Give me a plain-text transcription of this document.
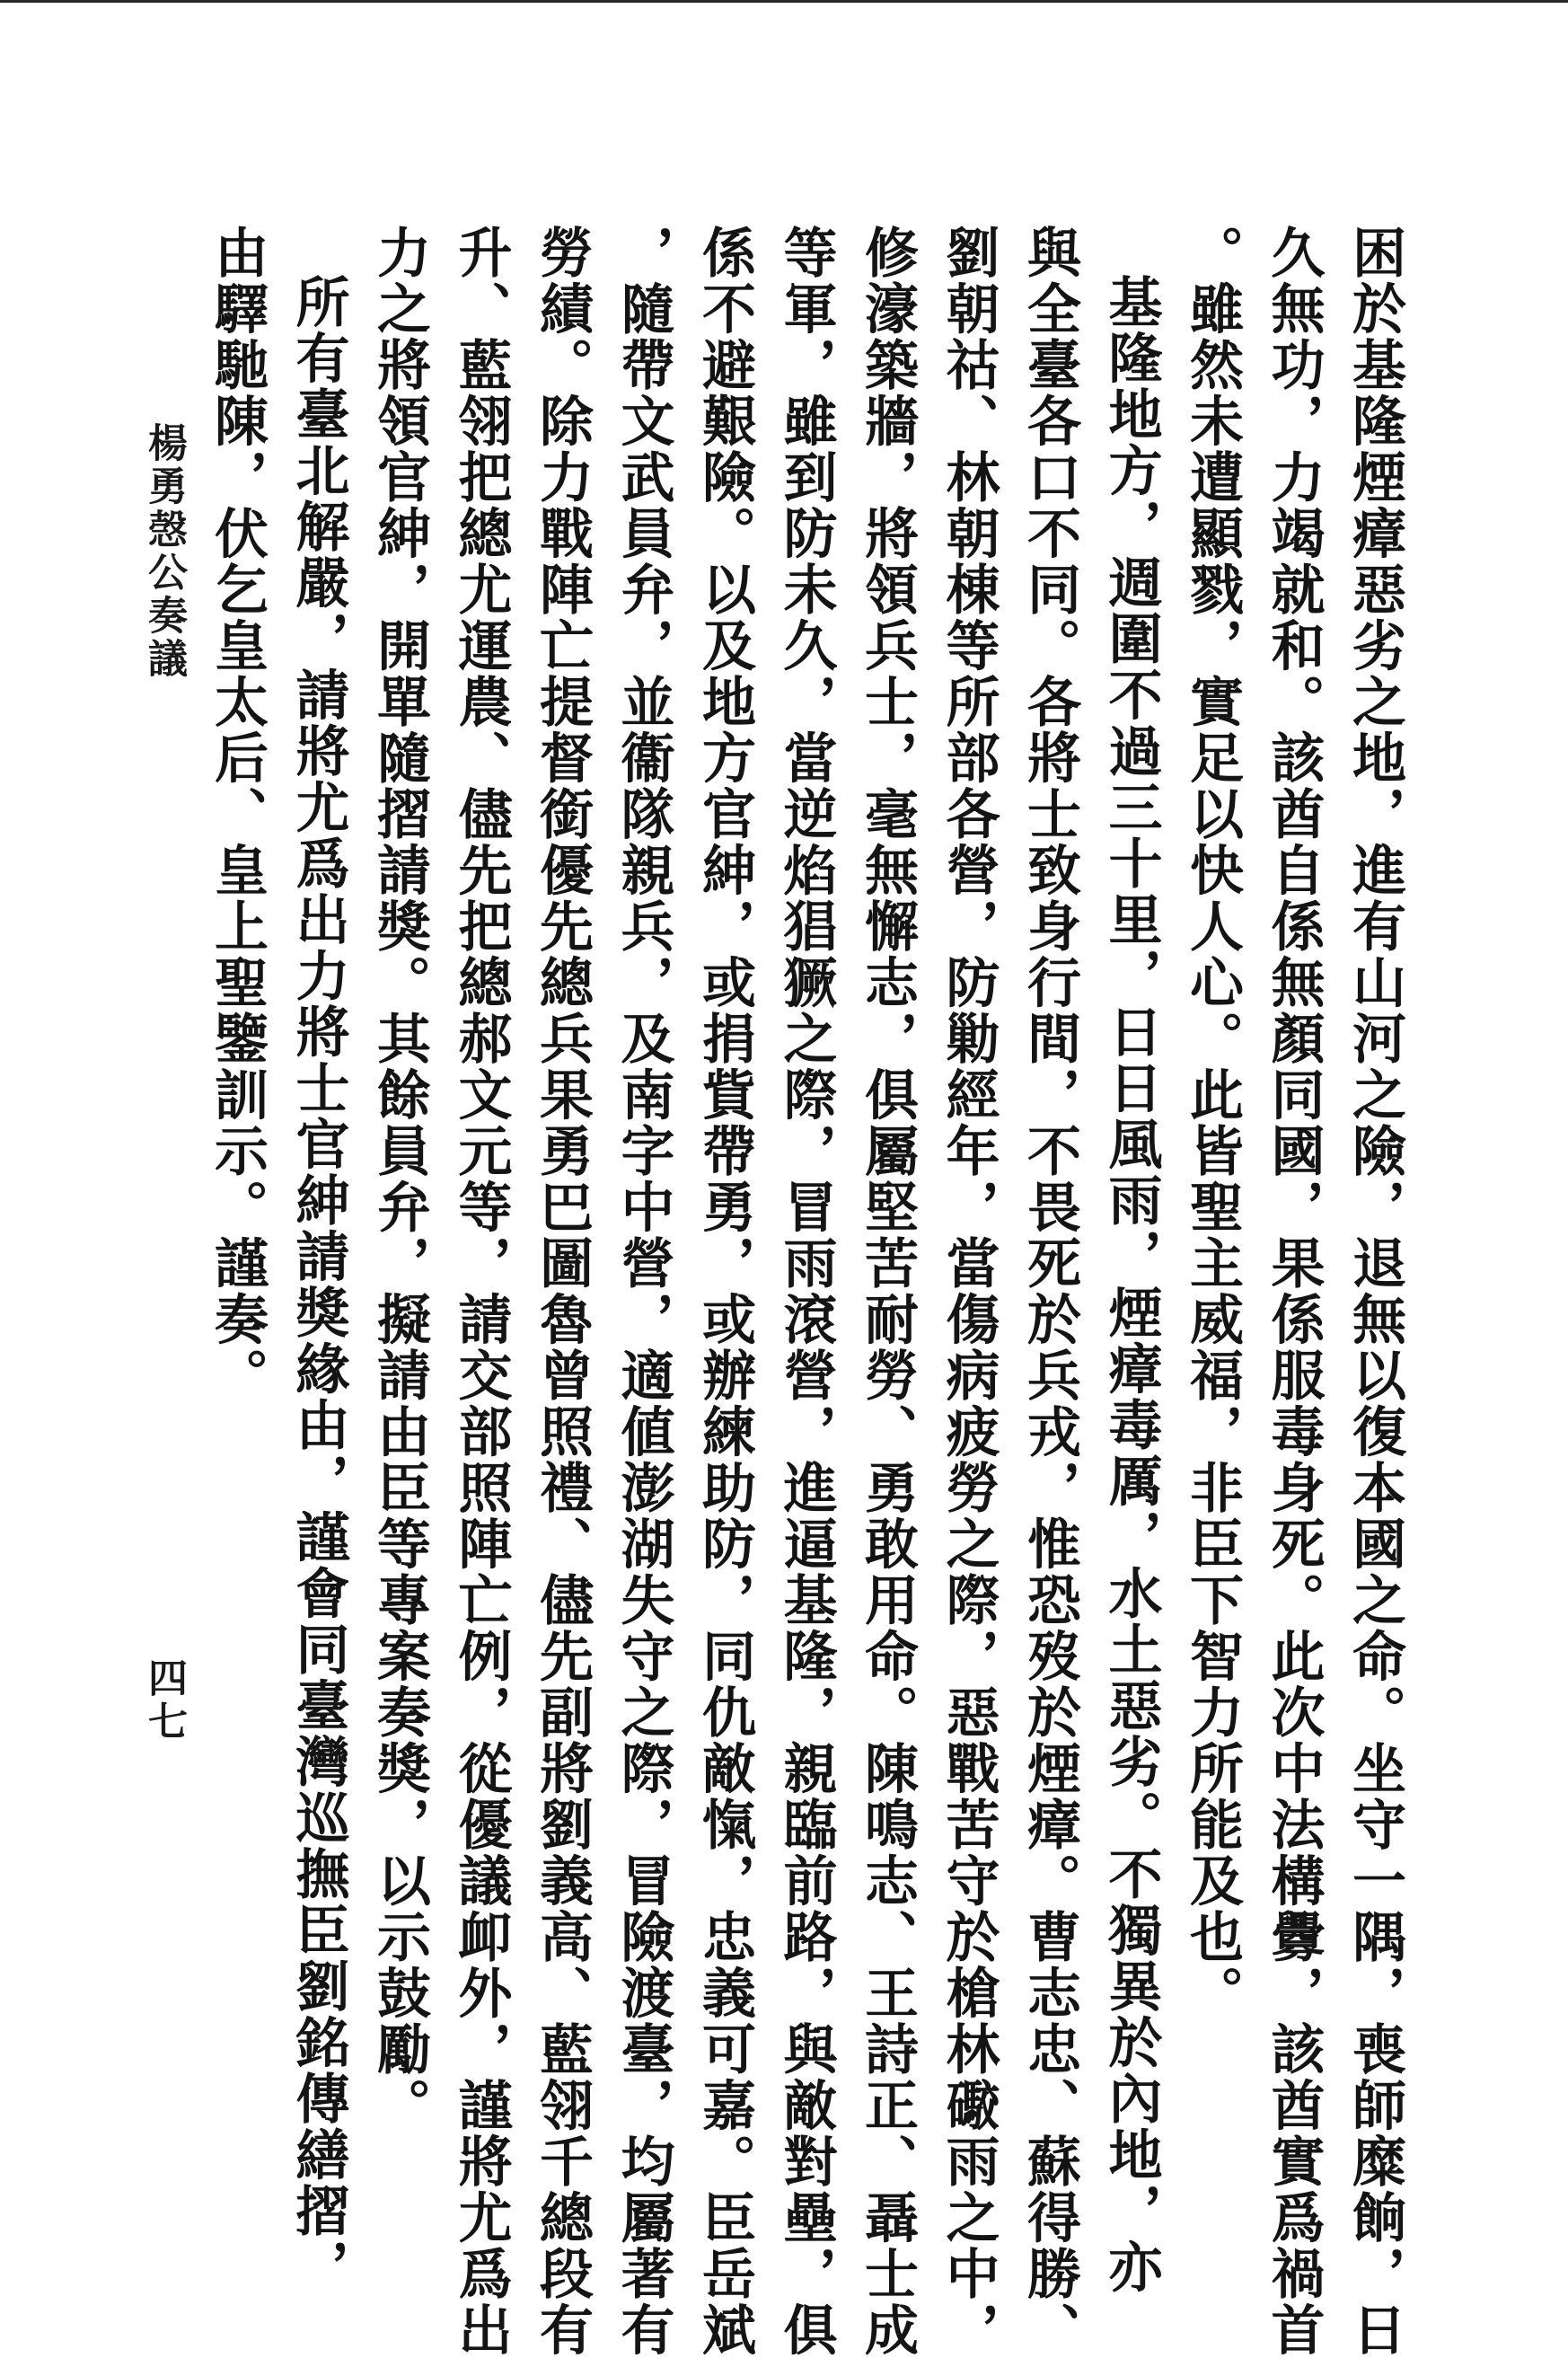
困於基隆煙瘴惡劣之地，進有山河之險，退無以復本國之命。坐守一隅，喪師糜餉，日

久無功，力竭就和。該酋自係無顏同國，果係服毒身死。此次中法構釁，該酋實爲禍首

。雖然未遭顯戮，實足以快人心。此皆聖主威福，非臣下智力所能及也。

基隆地方，週圍不過三十里，日日風雨，煙瘴毒厲，水土惡劣。不獨異於內地，亦

與全臺各口不同。各將士致身行間，不畏死於兵戎，惟恐歿於煙瘴。曹志忠、蘇得勝、

劉朝祜、林朝棟等所部各營，防勦經年，當傷病疲勞之際，惡戰苦守於槍林礮雨之中，

修濠築牆，將領兵士，毫無懈志，俱屬堅苦耐勞、勇敢用命。陳鳴志、王詩正、聶士成

等軍，雖到防未久，當逆焰猖獗之際，冒雨滾營，進逼基隆，親臨前路，與敵對壘，俱

係不避艱險。以及地方官紳，或捐貲帶勇，或辦練助防，同仇敵愾，忠義可嘉。臣岳斌

，隨帶文武員弁，並衞隊親兵，及南字中營，適値澎湖失守之際，冒險渡臺，均屬著有

勞績。除力戰陣亡提督銜優先總兵果勇巴圖魯曾照禮、儘先副將劉義高、藍翎千總段有

升、藍翎把總尤運農、儘先把總郝文元等，請交部照陣亡例，從優議卹外，謹將尤爲出

力之將領官紳，開單隨摺請獎。其餘員弁，擬請由臣等專案奏獎，以示鼓勵。

所有臺北解嚴，請將尤爲出力將士官紳請獎緣由，謹會同臺灣巡撫臣劉銘傳繕摺，

由驛馳陳，伏乞皇太后、皇上聖鑒訓示。謹奏。

楊勇愨公奏議
四七
